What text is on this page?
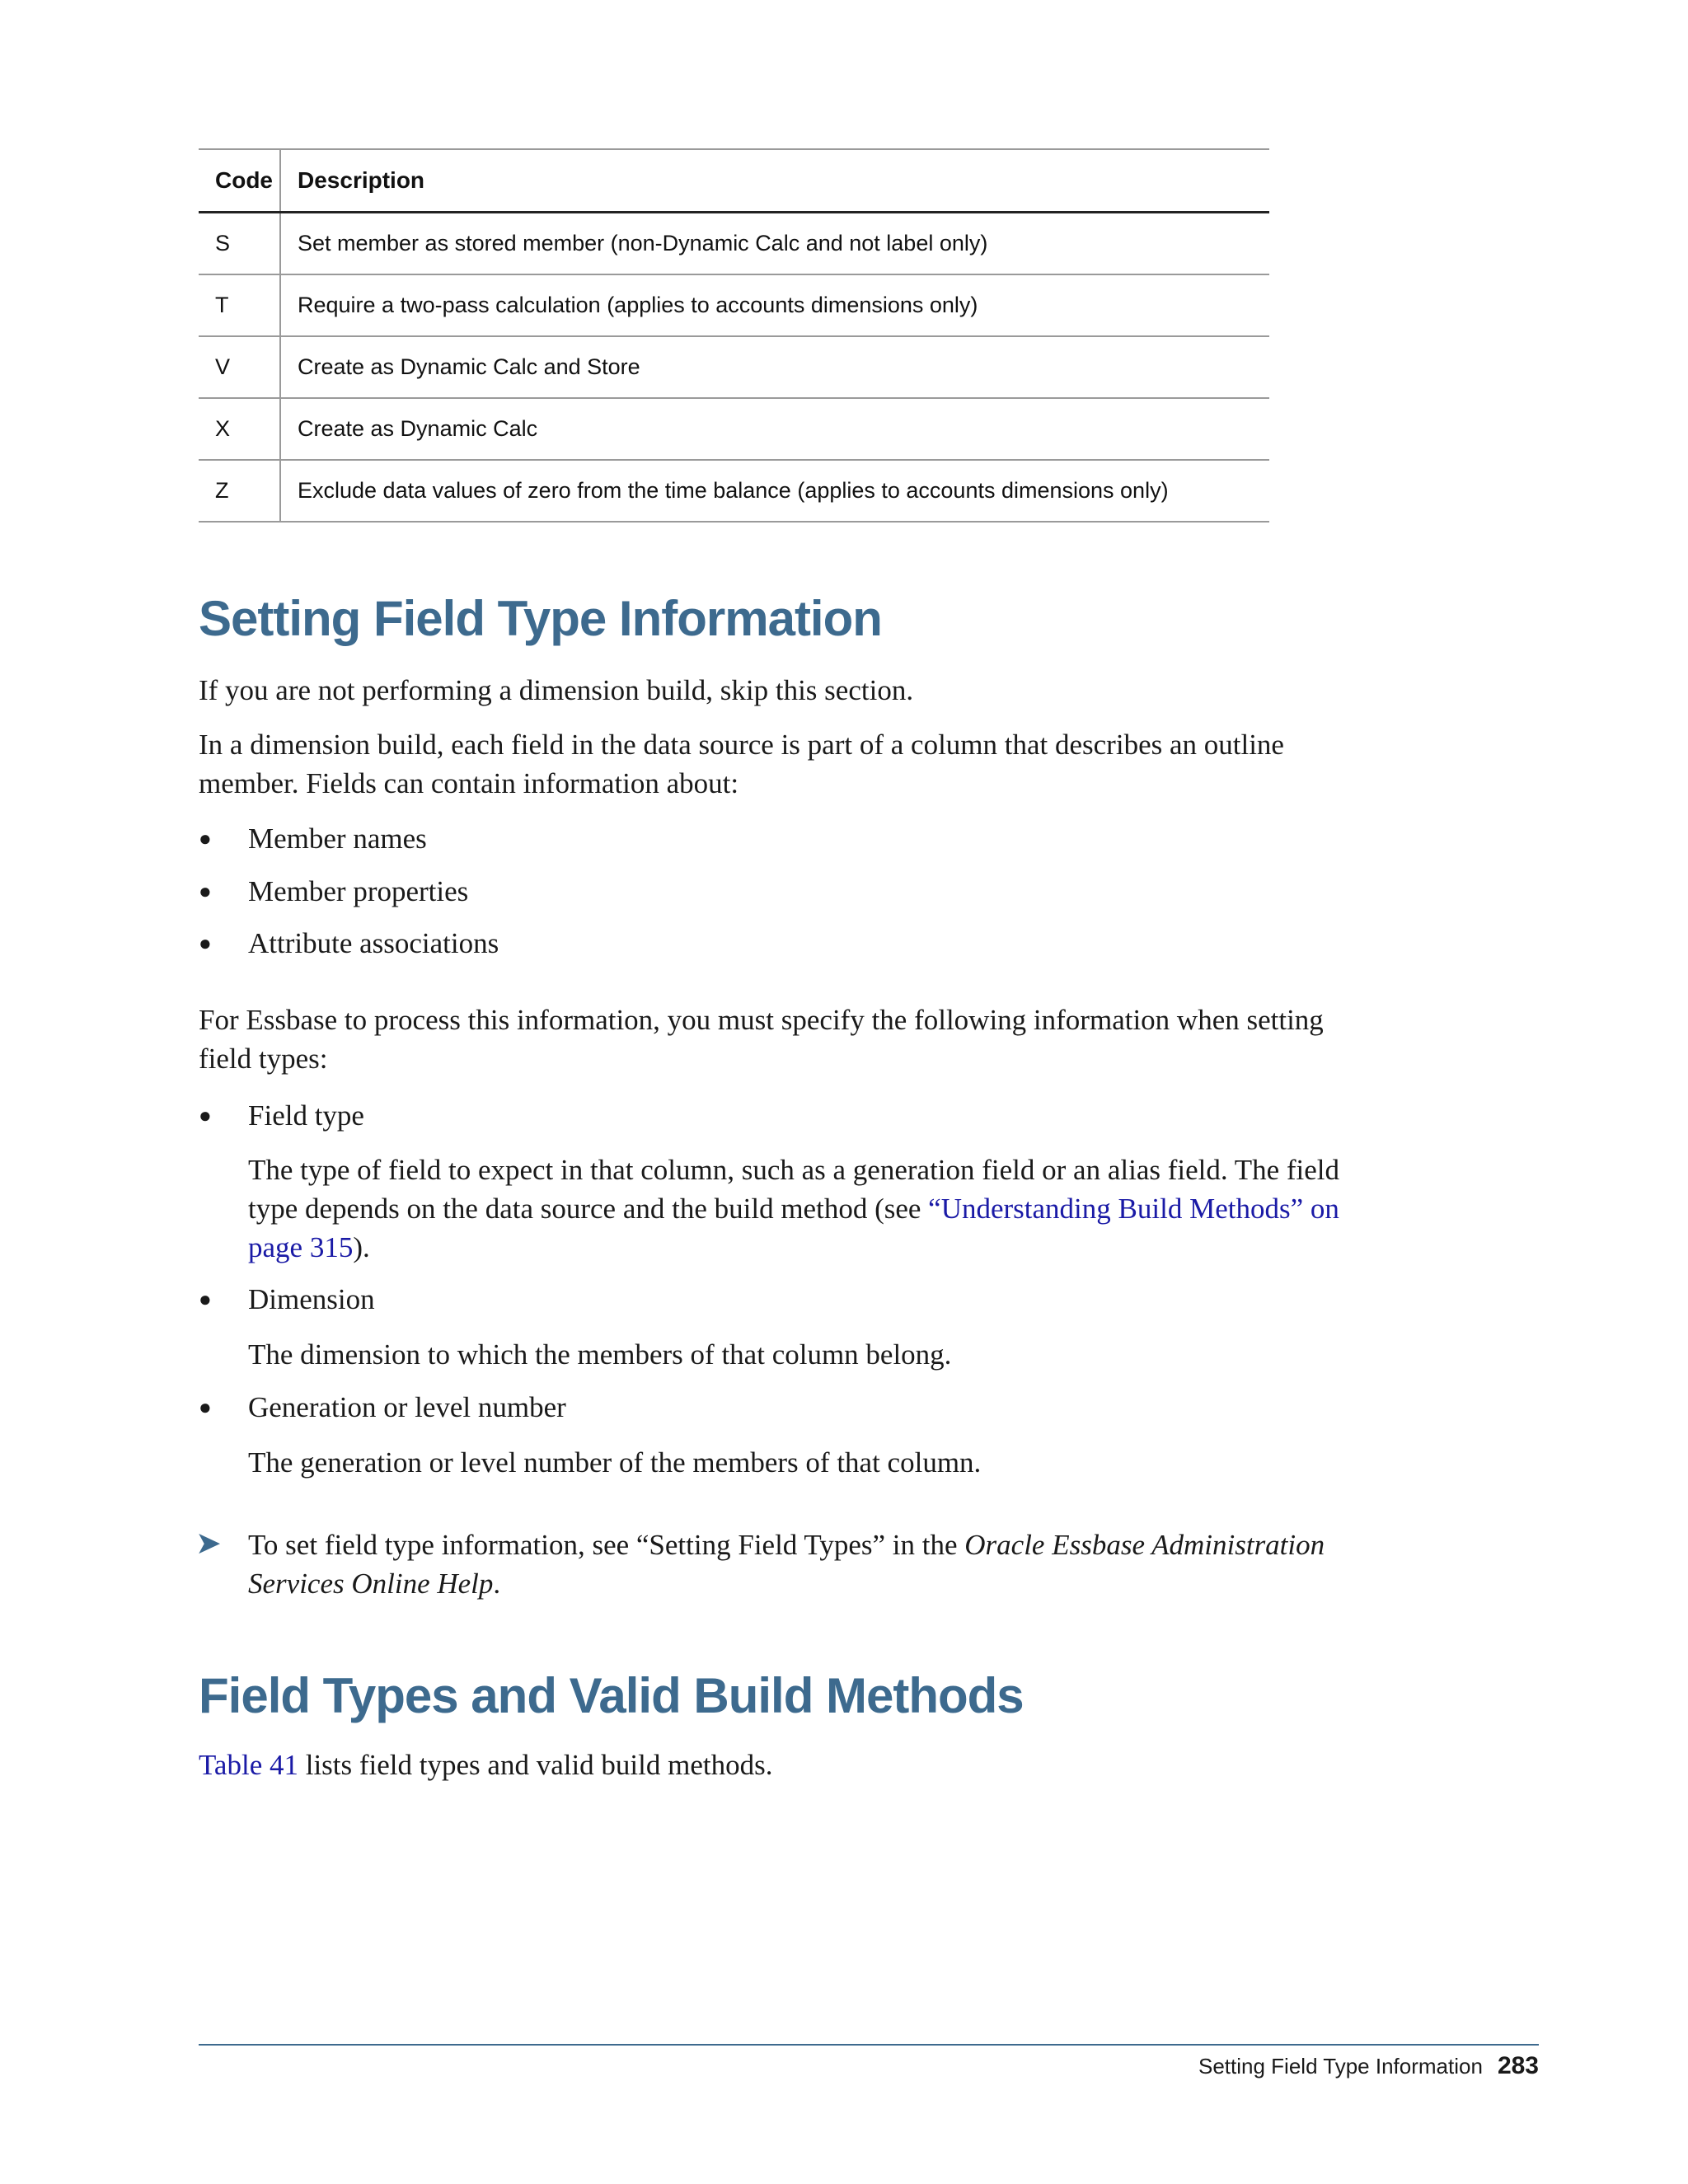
Code	Description
S	Set member as stored member (non-Dynamic Calc and not label only)
T	Require a two-pass calculation (applies to accounts dimensions only)
V	Create as Dynamic Calc and Store
X	Create as Dynamic Calc
Z	Exclude data values of zero from the time balance (applies to accounts dimensions only)
Setting Field Type Information

If you are not performing a dimension build, skip this section.

In a dimension build, each field in the data source is part of a column that describes an outline member. Fields can contain information about:

●	Member names
●	Member properties
●	Attribute associations

For Essbase to process this information, you must specify the following information when setting field types:

●	Field type

The type of field to expect in that column, such as a generation field or an alias field. The field type depends on the data source and the build method (see “Understanding Build Methods” on page 315).

●	Dimension

The dimension to which the members of that column belong.

●	Generation or level number

The generation or level number of the members of that column.

➤ To set field type information, see “Setting Field Types” in the Oracle Essbase Administration Services Online Help.

Field Types and Valid Build Methods

Table 41 lists field types and valid build methods.

Setting Field Type Information 283
